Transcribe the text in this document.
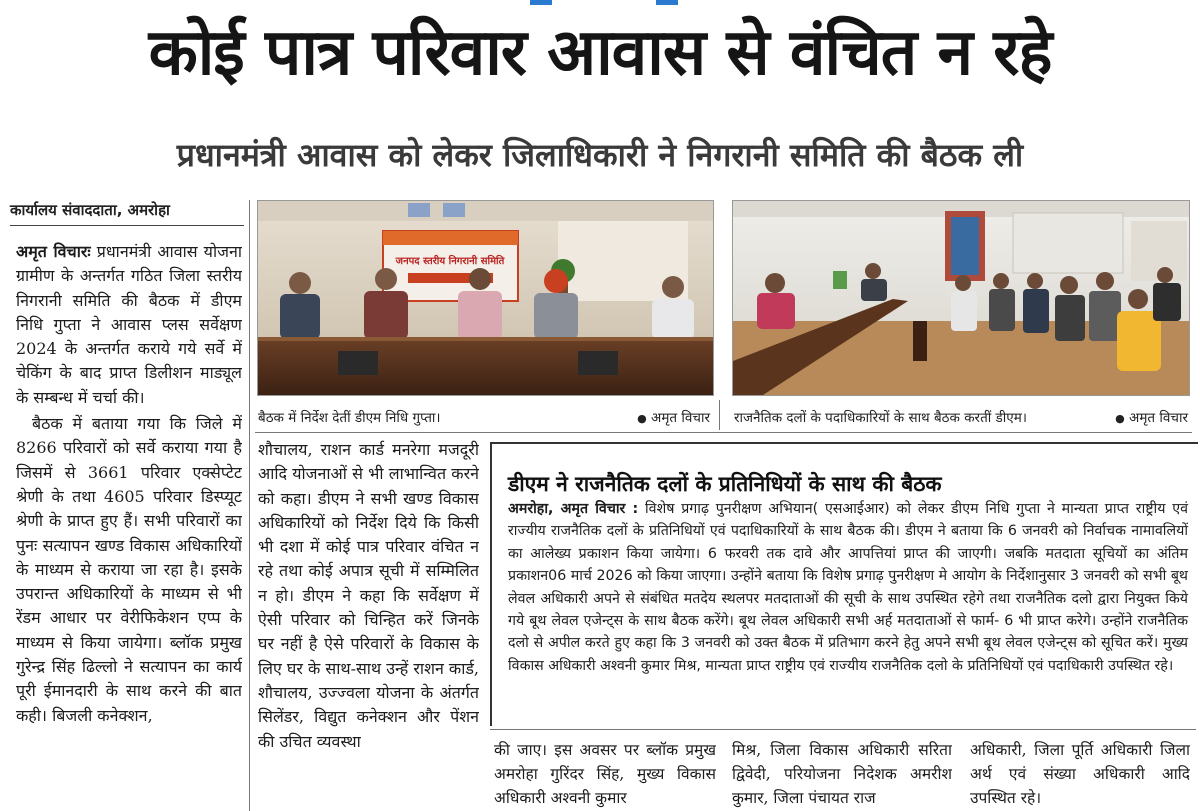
कोई पात्र परिवार आवास से वंचित न रहे
प्रधानमंत्री आवास को लेकर जिलाधिकारी ने निगरानी समिति की बैठक ली
कार्यालय संवाददाता, अमरोहा

अमृत विचारः प्रधानमंत्री आवास योजना ग्रामीण के अन्तर्गत गठित जिला स्तरीय निगरानी समिति की बैठक में डीएम निधि गुप्ता ने आवास प्लस सर्वेक्षण 2024 के अन्तर्गत कराये गये सर्वे में चेकिंग के बाद प्राप्त डिलीशन माड्यूल के सम्बन्ध में चर्चा की।

बैठक में बताया गया कि जिले में 8266 परिवारों को सर्वे कराया गया है जिसमें से 3661 परिवार एक्सेप्टेट श्रेणी के तथा 4605 परिवार डिस्प्यूट श्रेणी के प्राप्त हुए हैं। सभी परिवारों का पुनः सत्यापन खण्ड विकास अधिकारियों के माध्यम से कराया जा रहा है। इसके उपरान्त अधिकारियों के माध्यम से भी रेंडम आधार पर वेरीफिकेशन एप्प के माध्यम से किया जायेगा। ब्लॉक प्रमुख गुरेन्द्र सिंह ढिल्लो ने सत्यापन का कार्य पूरी ईमानदारी के साथ करने की बात कही। बिजली कनेक्शन,

जनपद स्तरीय निगरानी समिति
बैठक में निर्देश देतीं डीएम निधि गुप्ता।	● अमृत विचार राजनैतिक दलों के पदाधिकारियों के साथ बैठक करतीं डीएम।	● अमृत विचार

शौचालय, राशन कार्ड मनरेगा मजदूरी आदि योजनाओं से भी लाभान्वित करने को कहा। डीएम ने सभी खण्ड विकास अधिकारियों को निर्देश दिये कि किसी भी दशा में कोई पात्र परिवार वंचित न रहे तथा कोई अपात्र सूची में सम्मिलित न हो। डीएम ने कहा कि सर्वेक्षण में ऐसी परिवार को चिन्हित करें जिनके घर नहीं है ऐसे परिवारों के विकास के लिए घर के साथ-साथ उन्हें राशन कार्ड, शौचालय, उज्ज्वला योजना के अंतर्गत सिलेंडर, विद्युत कनेक्शन और पेंशन की उचित व्यवस्था

डीएम ने राजनैतिक दलों के प्रतिनिधियों के साथ की बैठक
अमरोहा, अमृत विचार : विशेष प्रगाढ़ पुनरीक्षण अभियान( एसआईआर) को लेकर डीएम निधि गुप्ता ने मान्यता प्राप्त राष्ट्रीय एवं राज्यीय राजनैतिक दलों के प्रतिनिधियों एवं पदाधिकारियों के साथ बैठक की। डीएम ने बताया कि 6 जनवरी को निर्वाचक नामावलियों का आलेख्य प्रकाशन किया जायेगा। 6 फरवरी तक दावे और आपत्तियां प्राप्त की जाएगी। जबकि मतदाता सूचियों का अंतिम प्रकाशन06 मार्च 2026 को किया जाएगा। उन्होंने बताया कि विशेष प्रगाढ़ पुनरीक्षण मे आयोग के निर्देशानुसार 3 जनवरी को सभी बूथ लेवल अधिकारी अपने से संबंधित मतदेय स्थलपर मतदाताओं की सूची के साथ उपस्थित रहेगे तथा राजनैतिक दलो द्वारा नियुक्त किये गये बूथ लेवल एजेन्ट्स के साथ बैठक करेंगे। बूथ लेवल अधिकारी सभी अर्ह मतदाताओं से फार्म- 6 भी प्राप्त करेगे। उन्होंने राजनैतिक दलो से अपील करते हुए कहा कि 3 जनवरी को उक्त बैठक में प्रतिभाग करने हेतु अपने सभी बूथ लेवल एजेन्ट्स को सूचित करें। मुख्य विकास अधिकारी अश्वनी कुमार मिश्र, मान्यता प्राप्त राष्ट्रीय एवं राज्यीय राजनैतिक दलो के प्रतिनिधियों एवं पदाधिकारी उपस्थित रहे।
की जाए। इस अवसर पर ब्लॉक प्रमुख अमरोहा गुरिंदर सिंह, मुख्य विकास अधिकारी अश्वनी कुमार
मिश्र, जिला विकास अधिकारी सरिता द्विवेदी, परियोजना निदेशक अमरीश कुमार, जिला पंचायत राज
अधिकारी, जिला पूर्ति अधिकारी जिला अर्थ एवं संख्या अधिकारी आदि उपस्थित रहे।
